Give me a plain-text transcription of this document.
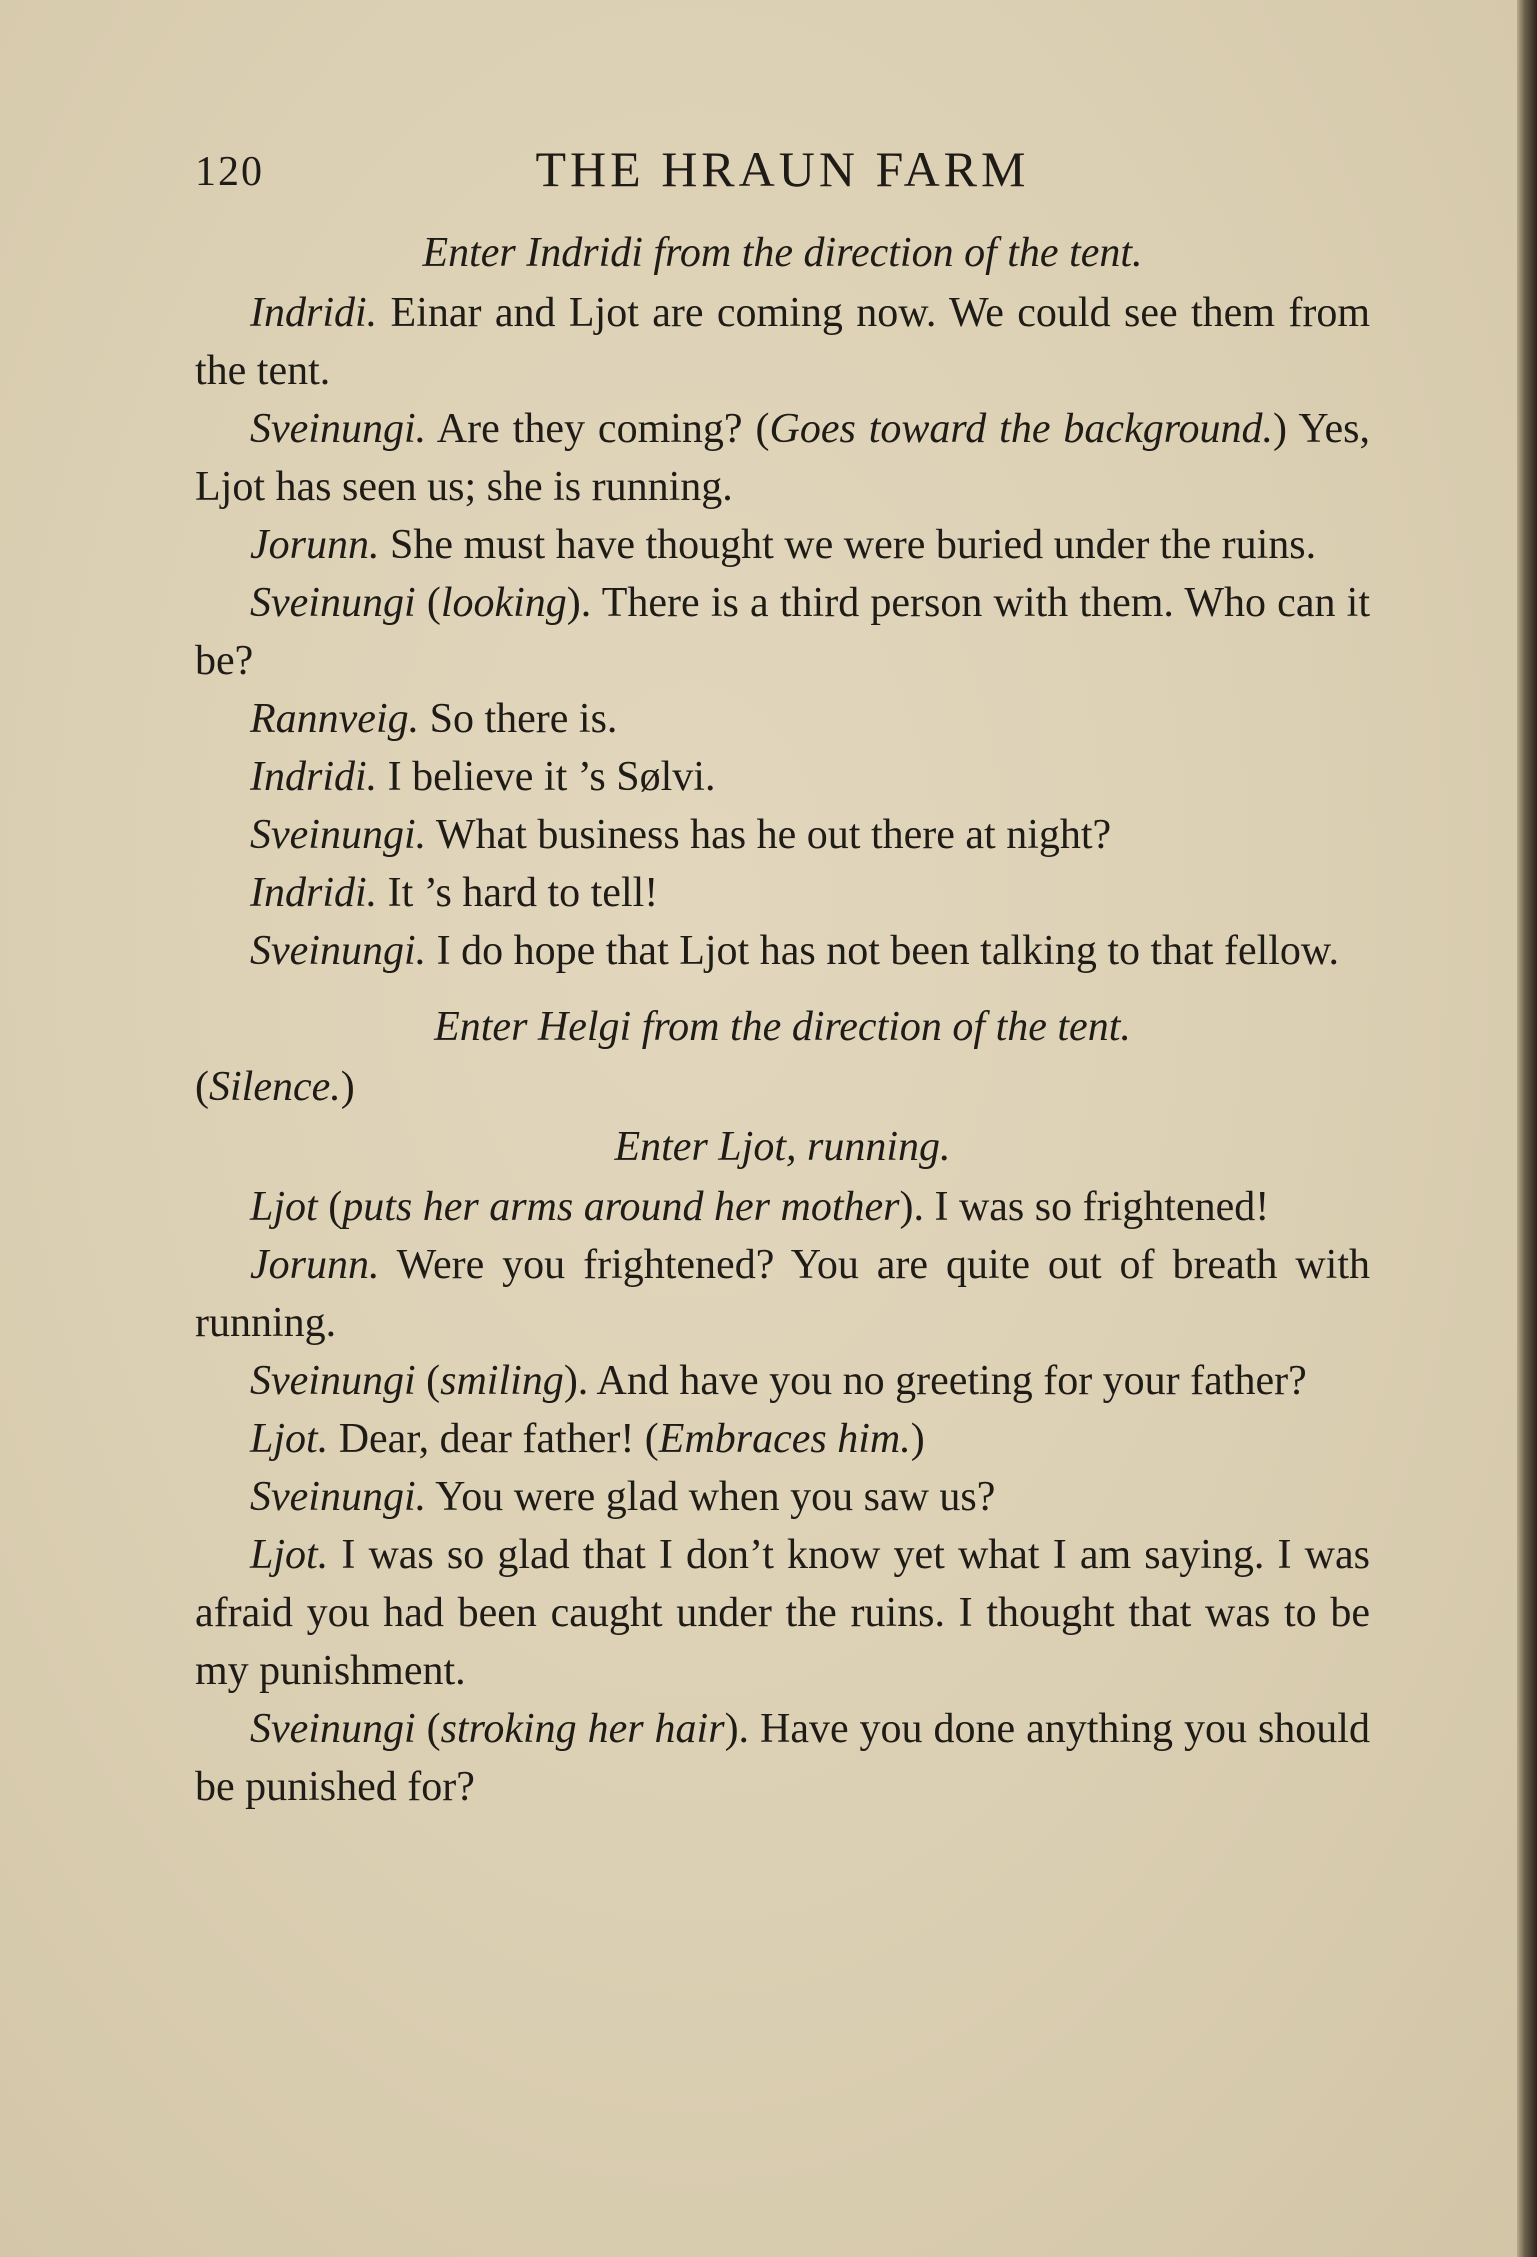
120	THE HRAUN FARM

Enter Indridi from the direction of the tent.

Indridi. Einar and Ljot are coming now. We could see them from the tent.

Sveinungi. Are they coming? (Goes toward the background.) Yes, Ljot has seen us; she is running.

Jorunn. She must have thought we were buried under the ruins.

Sveinungi (looking). There is a third person with them. Who can it be?

Rannveig. So there is.

Indridi. I believe it ’s Sølvi.

Sveinungi. What business has he out there at night?

Indridi. It ’s hard to tell!

Sveinungi. I do hope that Ljot has not been talking to that fellow.

Enter Helgi from the direction of the tent.

(Silence.)

Enter Ljot, running.

Ljot (puts her arms around her mother). I was so frightened!

Jorunn. Were you frightened? You are quite out of breath with running.

Sveinungi (smiling). And have you no greeting for your father?

Ljot. Dear, dear father! (Embraces him.)

Sveinungi. You were glad when you saw us?

Ljot. I was so glad that I don’t know yet what I am saying. I was afraid you had been caught under the ruins. I thought that was to be my punishment.

Sveinungi (stroking her hair). Have you done anything you should be punished for?
